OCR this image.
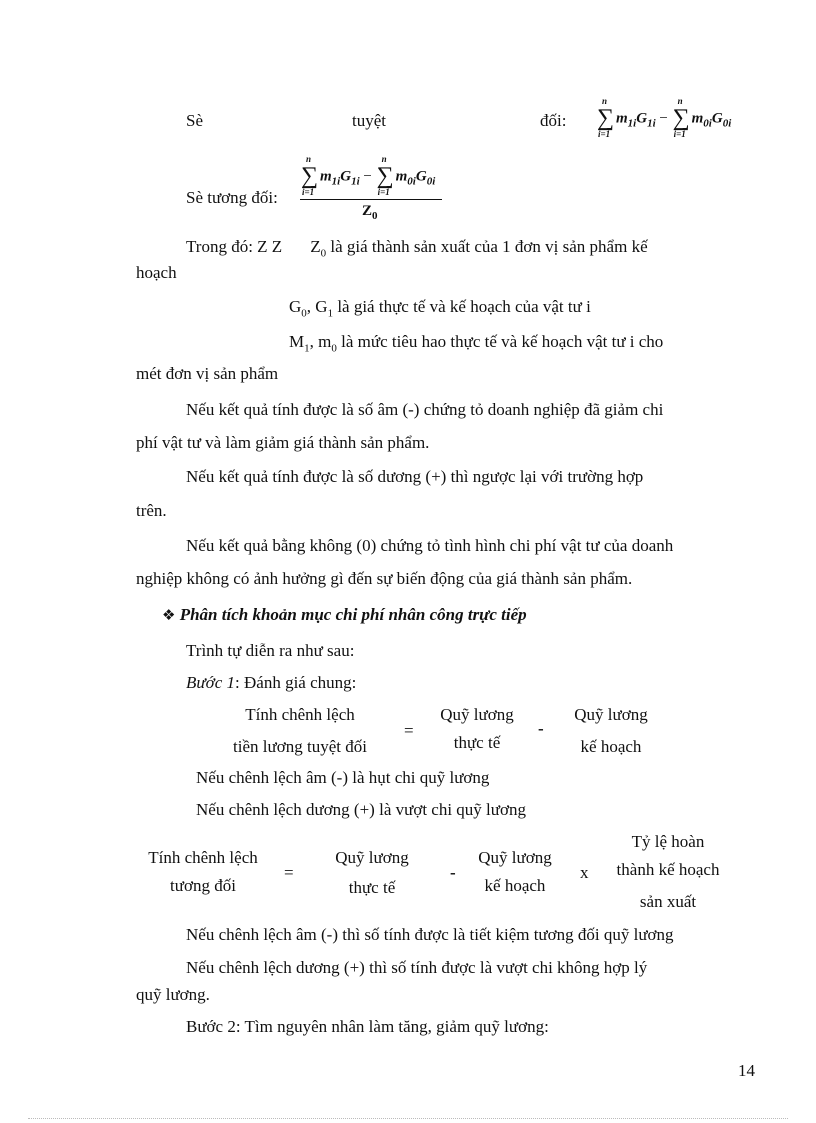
Sè	tuyệt	đối:
n
∑
i=1
$m_{1i}G_{1i}$ −
n
∑
i=1
$m_{0i}G_{0i}$
Sè tương đối:
n
∑
i=1
$m_{1i}G_{1i}$ −
n
∑
i=1
$m_{0i}G_{0i}$
$Z_0$
Trong đó: Z Z $Z_0$ là giá thành sản xuất của 1 đơn vị sản phẩm kế
hoạch
$G_0$, $G_1$ là giá thực tế và kế hoạch của vật tư i
$M_1$, $m_0$ là mức tiêu hao thực tế và kế hoạch vật tư i cho
mét đơn vị sản phẩm
Nếu kết quả tính được là số âm (-) chứng tỏ doanh nghiệp đã giảm chi
phí vật tư và làm giảm giá thành sản phẩm.
Nếu kết quả tính được là số dương (+) thì ngược lại với trường hợp
trên.
Nếu kết quả bằng không (0) chứng tỏ tình hình chi phí vật tư của doanh
nghiệp không có ảnh hưởng gì đến sự biến động của giá thành sản phẩm.
❖ Phân tích khoản mục chi phí nhân công trực tiếp
Trình tự diễn ra như sau:
Bước 1: Đánh giá chung:
Tính chênh lệch
tiền lương tuyệt đối
=
Quỹ lương
thực tế
-
Quỹ lương
kế hoạch
Nếu chênh lệch âm (-) là hụt chi quỹ lương
Nếu chênh lệch dương (+) là vượt chi quỹ lương
Tính chênh lệch
tương đối
=
Quỹ lương
thực tế
-
Quỹ lương
kế hoạch
x
Tỷ lệ hoàn
thành kế hoạch
sản xuất
Nếu chênh lệch âm (-) thì số tính được là tiết kiệm tương đối quỹ lương
Nếu chênh lệch dương (+) thì số tính được là vượt chi không hợp lý
quỹ lương.
Bước 2: Tìm nguyên nhân làm tăng, giảm quỹ lương:
14
